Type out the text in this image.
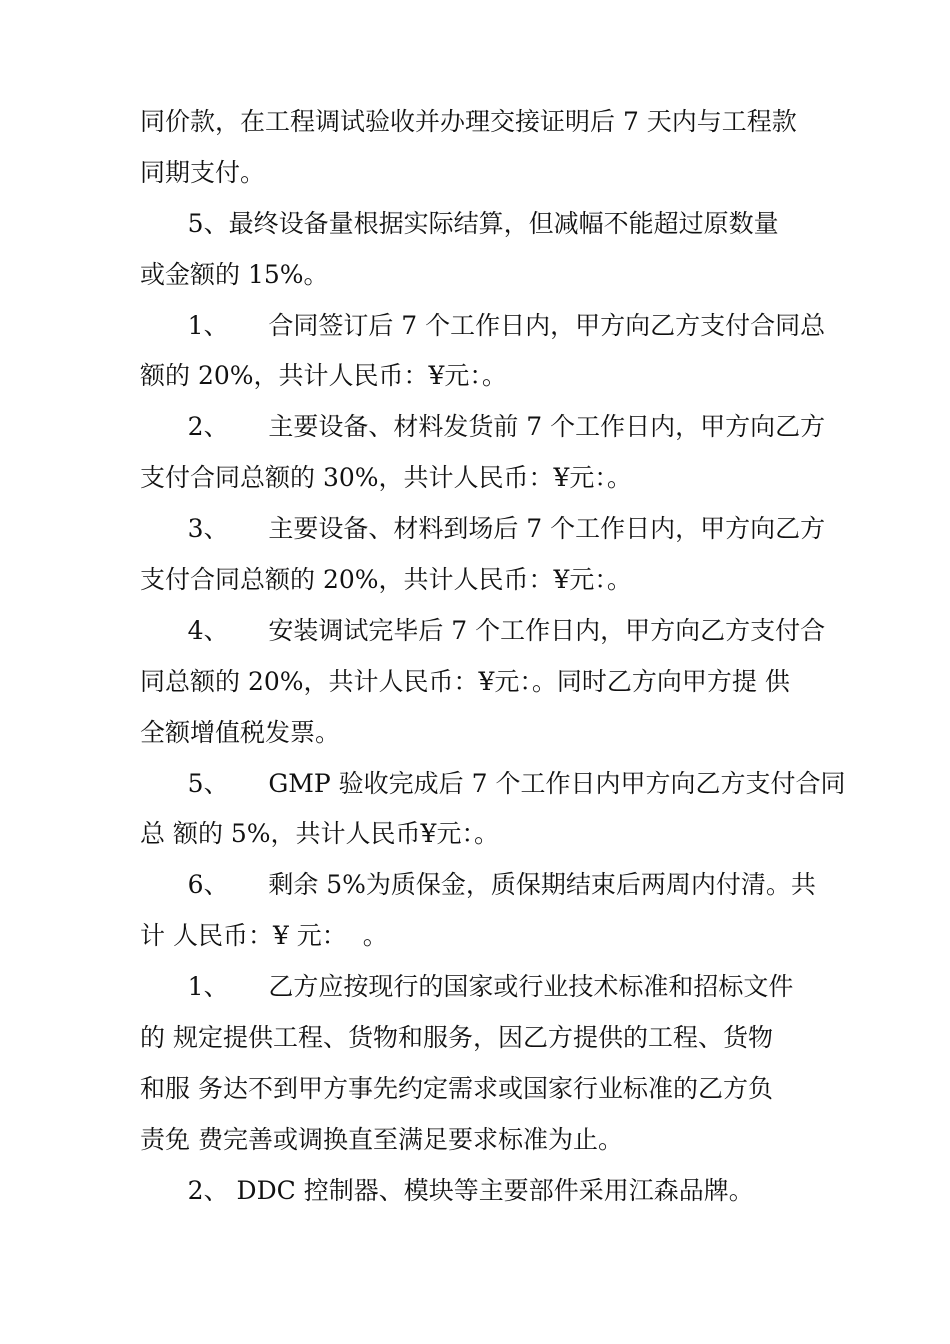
同价款，在工程调试验收并办理交接证明后 7 天内与工程款
同期支付。

5、最终设备量根据实际结算，但减幅不能超过原数量
或金额的 15%。

1、     合同签订后 7 个工作日内，甲方向乙方支付合同总
额的 20%，共计人民币：¥元：。

2、     主要设备、材料发货前 7 个工作日内，甲方向乙方
支付合同总额的 30%，共计人民币：¥元：。

3、     主要设备、材料到场后 7 个工作日内，甲方向乙方
支付合同总额的 20%，共计人民币：¥元：。

4、     安装调试完毕后 7 个工作日内，甲方向乙方支付合
同总额的 20%，共计人民币：¥元：。同时乙方向甲方提 供
全额增值税发票。

5、     GMP 验收完成后 7 个工作日内甲方向乙方支付合同
总 额的 5%，共计人民币¥元：。

6、     剩余 5%为质保金，质保期结束后两周内付清。共
计 人民币：¥ 元：  。

1、     乙方应按现行的国家或行业技术标准和招标文件
的 规定提供工程、货物和服务，因乙方提供的工程、货物
和服 务达不到甲方事先约定需求或国家行业标准的乙方负
责免 费完善或调换直至满足要求标准为止。

2、 DDC 控制器、模块等主要部件采用江森品牌。
